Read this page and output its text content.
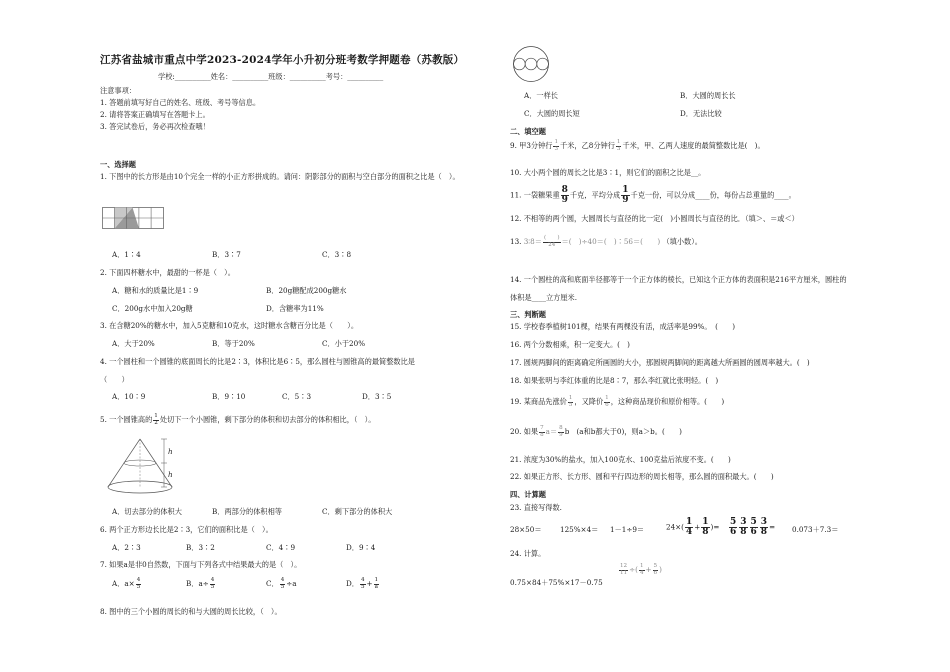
江苏省盐城市重点中学2023-2024学年小升初分班考数学押题卷（苏教版）
学校:__________姓名：__________班级：__________考号：__________
注意事项：
1. 答题前填写好自己的姓名、班级、考号等信息。
2. 请将答案正确填写在答题卡上。
3. 答完试卷后，务必再次检查哦！
一、选择题
1. 下图中的长方形是由10个完全一样的小正方形拼成的。请问：阴影部分的面积与空白部分的面积之比是（　）。
A．1∶4	B．3∶7	C．3∶8
2. 下面四杯糖水中，最甜的一杯是（　）。
A．糖和水的质量比是1∶9	B．20g糖配成200g糖水
C．200g水中加入20g糖	D．含糖率为11%
3. 在含糖20%的糖水中，加入5克糖和10克水，这时糖水含糖百分比是（　　）。
A．大于20%	B．等于20%	C．小于20%
4. 一个圆柱和一个圆锥的底面周长的比是2∶3，体积比是6∶5，那么圆柱与圆锥高的最简整数比是
（　　）
A．10∶9	B．9∶10	C．5∶3	D．3∶5
5. 一个圆锥高的 $\frac{1}{2}$ 处切下一个小圆锥，剩下部分的体积和切去部分的体积相比，（　）。
h
h
A．切去部分的体积大	B．两部分的体积相等	C．剩下部分的体积大
6. 两个正方形边长比是2∶3，它们的面积比是（　）。
A．2∶3	B．3∶2	C．4∶9	D．9∶4
7. 如果a是非0自然数，下面与下列各式中结果最大的是（　）。
A．$a\times \frac{4}{5}$	B．$a\div \frac{4}{5}$	C． $\frac{4}{5} \div a$	D． $\frac{4}{5} + \frac{1}{a}$
8. 图中的三个小圆的周长的和与大圆的周长比较，（　）。
A．一样长	B．大圆的周长长
C．大圆的周长短	D．无法比较
二、填空题
9. 甲3分钟行 $\frac{1}{3}$ 千米，乙8分钟行 $\frac{1}{3}$ 千米，甲、乙两人速度的最简整数比是(　)。
10. 大小两个圆的周长之比是3∶1，则它们的面积之比是__。
11. 一袋糖果重 $\frac{8}{9}$ 千克，平均分成 $\frac{1}{9}$ 千克一份，可以分成____份，每份占总重量的____。
12. 不相等的两个圆，大圆周长与直径的比一定(　)小圆周长与直径的比．（填＞、＝或＜）
13. 3∶8＝ $\frac{( )}{24}$ ＝(　)÷40＝(　)∶56＝(　　) （填小数）。
14. 一个圆柱的高和底面半径都等于一个正方体的棱长，已知这个正方体的表面积是216平方厘米，圆柱的
体积是____立方厘米.
三、判断题
15. 学校春季植树101棵，结果有两棵没有活，成活率是99%。　(　　)
16. 两个分数相乘，积一定变大。(　)
17. 圆规两脚间的距离确定所画圆的大小，那圆规两脚间的距离越大所画圆的圆周率越大。(　)
18. 如果张明与李红体重的比是8∶7，那么李红就比张明轻。(　)
19. 某商品先涨价 $\frac{1}{5}$ ，又降价 $\frac{1}{6}$ ，这种商品现价和原价相等。(　　)
20. 如果 $\frac{7}{8} a= \frac{8}{9}$ b　(a和b都大于0)，则a＞b。(　　)
21. 浓度为30%的盐水，加入100克水、100克盐后浓度不变。(　　)
22. 如果正方形、长方形、圆和平行四边形的周长相等，那么圆的面积最大。(　　)
四、计算题
23. 直接写得数.
28×50＝	125%×4＝ 1－1÷9＝	$24\times( \frac{1}{4} + \frac{1}{8}$ )= $\frac{5}{6} \frac{3}{8} \frac{5}{6} \frac{3}{8} = 0.073+7.3=$
24. 计算。
0.75×84＋75%×17－0.75
$\frac{12}{11}$ ÷( $\frac{1}{4} + \frac{5}{6}$ )
